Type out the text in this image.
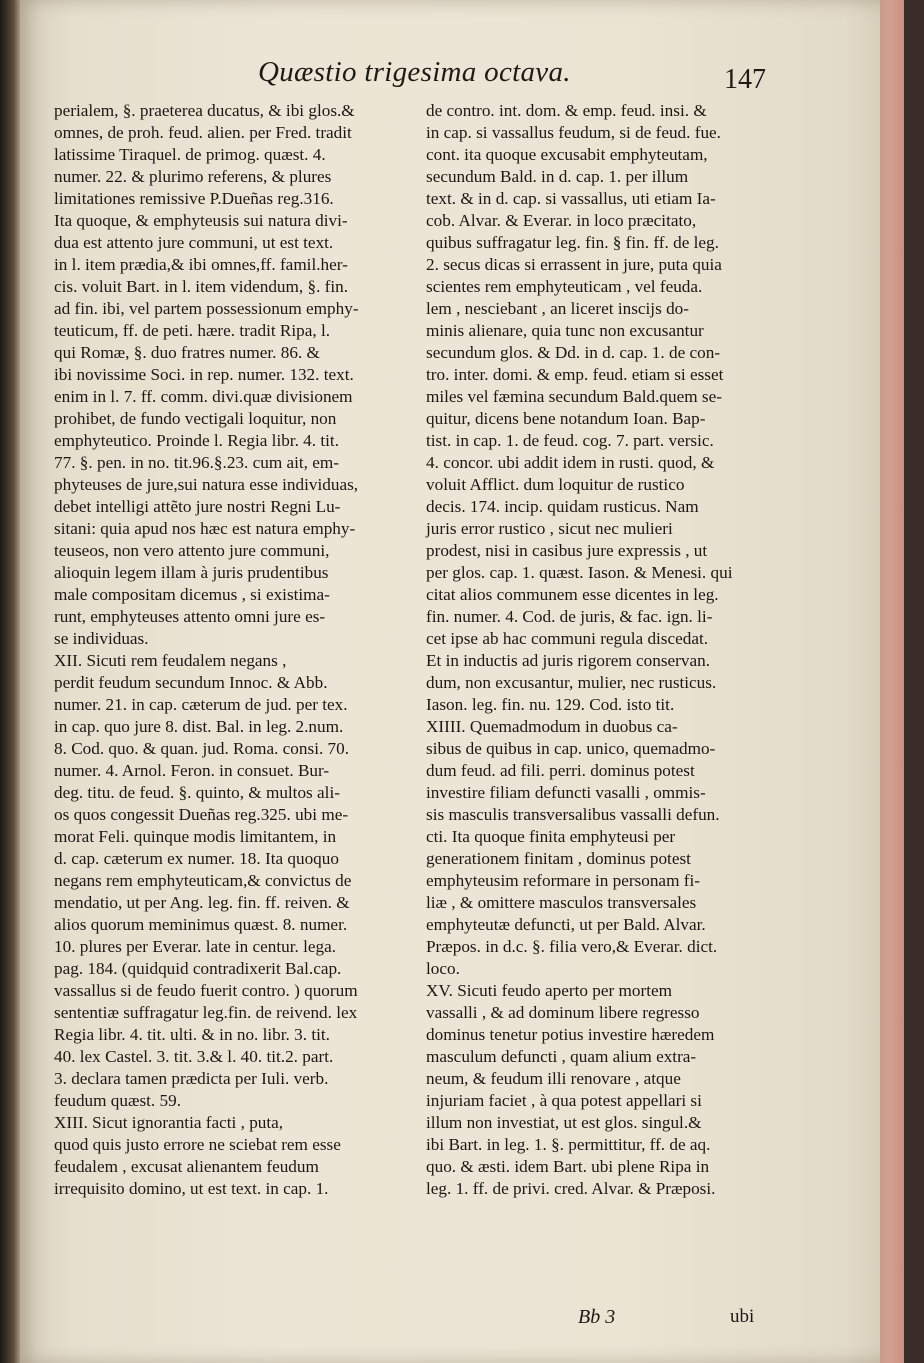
Quæstio trigesima octava.	147
perialem, §. praeterea ducatus, & ibi glos.&
omnes, de proh. feud. alien. per Fred. tradit
latissime Tiraquel. de primog. quæst. 4.
numer. 22. & plurimo referens, & plures
limitationes remissive P.Dueñas reg.316.
Ita quoque, & emphyteusis sui natura divi-
dua est attento jure communi, ut est text.
in l. item prædia,& ibi omnes,ff. famil.her-
cis. voluit Bart. in l. item videndum, §. fin.
ad fin. ibi, vel partem possessionum emphy-
teuticum, ff. de peti. hære. tradit Ripa, l.
qui Romæ, §. duo fratres numer. 86. &
ibi novissime Soci. in rep. numer. 132. text.
enim in l. 7. ff. comm. divi.quæ divisionem
prohibet, de fundo vectigali loquitur, non
emphyteutico. Proinde l. Regia libr. 4. tit.
77. §. pen. in no. tit.96.§.23. cum ait, em-
phyteuses de jure,sui natura esse individuas,
debet intelligi attẽto jure nostri Regni Lu-
sitani: quia apud nos hæc est natura emphy-
teuseos, non vero attento jure communi,
alioquin legem illam à juris prudentibus
male compositam dicemus , si existima-
runt, emphyteuses attento omni jure es-
se individuas.
XII. Sicuti rem feudalem negans ,
perdit feudum secundum Innoc. & Abb.
numer. 21. in cap. cæterum de jud. per tex.
in cap. quo jure 8. dist. Bal. in leg. 2.num.
8. Cod. quo. & quan. jud. Roma. consi. 70.
numer. 4. Arnol. Feron. in consuet. Bur-
deg. titu. de feud. §. quinto, & multos ali-
os quos congessit Dueñas reg.325. ubi me-
morat Feli. quinque modis limitantem, in
d. cap. cæterum ex numer. 18. Ita quoquo
negans rem emphyteuticam,& convictus de
mendatio, ut per Ang. leg. fin. ff. reiven. &
alios quorum meminimus quæst. 8. numer.
10. plures per Everar. late in centur. lega.
pag. 184. (quidquid contradixerit Bal.cap.
vassallus si de feudo fuerit contro. ) quorum
sententiæ suffragatur leg.fin. de reivend. lex
Regia libr. 4. tit. ulti. & in no. libr. 3. tit.
40. lex Castel. 3. tit. 3.& l. 40. tit.2. part.
3. declara tamen prædicta per Iuli. verb.
feudum quæst. 59.
XIII. Sicut ignorantia facti , puta,
quod quis justo errore ne sciebat rem esse
feudalem , excusat alienantem feudum
irrequisito domino, ut est text. in cap. 1.
de contro. int. dom. & emp. feud. insi. &
in cap. si vassallus feudum, si de feud. fue.
cont. ita quoque excusabit emphyteutam,
secundum Bald. in d. cap. 1. per illum
text. & in d. cap. si vassallus, uti etiam Ia-
cob. Alvar. & Everar. in loco præcitato,
quibus suffragatur leg. fin. § fin. ff. de leg.
2. secus dicas si errassent in jure, puta quia
scientes rem emphyteuticam , vel feuda.
lem , nesciebant , an liceret inscijs do-
minis alienare, quia tunc non excusantur
secundum glos. & Dd. in d. cap. 1. de con-
tro. inter. domi. & emp. feud. etiam si esset
miles vel fæmina secundum Bald.quem se-
quitur, dicens bene notandum Ioan. Bap-
tist. in cap. 1. de feud. cog. 7. part. versic.
4. concor. ubi addit idem in rusti. quod, &
voluit Afflict. dum loquitur de rustico
decis. 174. incip. quidam rusticus. Nam
juris error rustico , sicut nec mulieri
prodest, nisi in casibus jure expressis , ut
per glos. cap. 1. quæst. Iason. & Menesi. qui
citat alios communem esse dicentes in leg.
fin. numer. 4. Cod. de juris, & fac. ign. li-
cet ipse ab hac communi regula discedat.
Et in inductis ad juris rigorem conservan.
dum, non excusantur, mulier, nec rusticus.
Iason. leg. fin. nu. 129. Cod. isto tit.
XIIII. Quemadmodum in duobus ca-
sibus de quibus in cap. unico, quemadmo-
dum feud. ad fili. perri. dominus potest
investire filiam defuncti vasalli , ommis-
sis masculis transversalibus vassalli defun.
cti. Ita quoque finita emphyteusi per
generationem finitam , dominus potest
emphyteusim reformare in personam fi-
liæ , & omittere masculos transversales
emphyteutæ defuncti, ut per Bald. Alvar.
Præpos. in d.c. §. filia vero,& Everar. dict.
loco.
XV. Sicuti feudo aperto per mortem
vassalli , & ad dominum libere regresso
dominus tenetur potius investire hæredem
masculum defuncti , quam alium extra-
neum, & feudum illi renovare , atque
injuriam faciet , à qua potest appellari si
illum non investiat, ut est glos. singul.&
ibi Bart. in leg. 1. §. permittitur, ff. de aq.
quo. & æsti. idem Bart. ubi plene Ripa in
leg. 1. ff. de privi. cred. Alvar. & Præposi.
Bb 3	ubi
